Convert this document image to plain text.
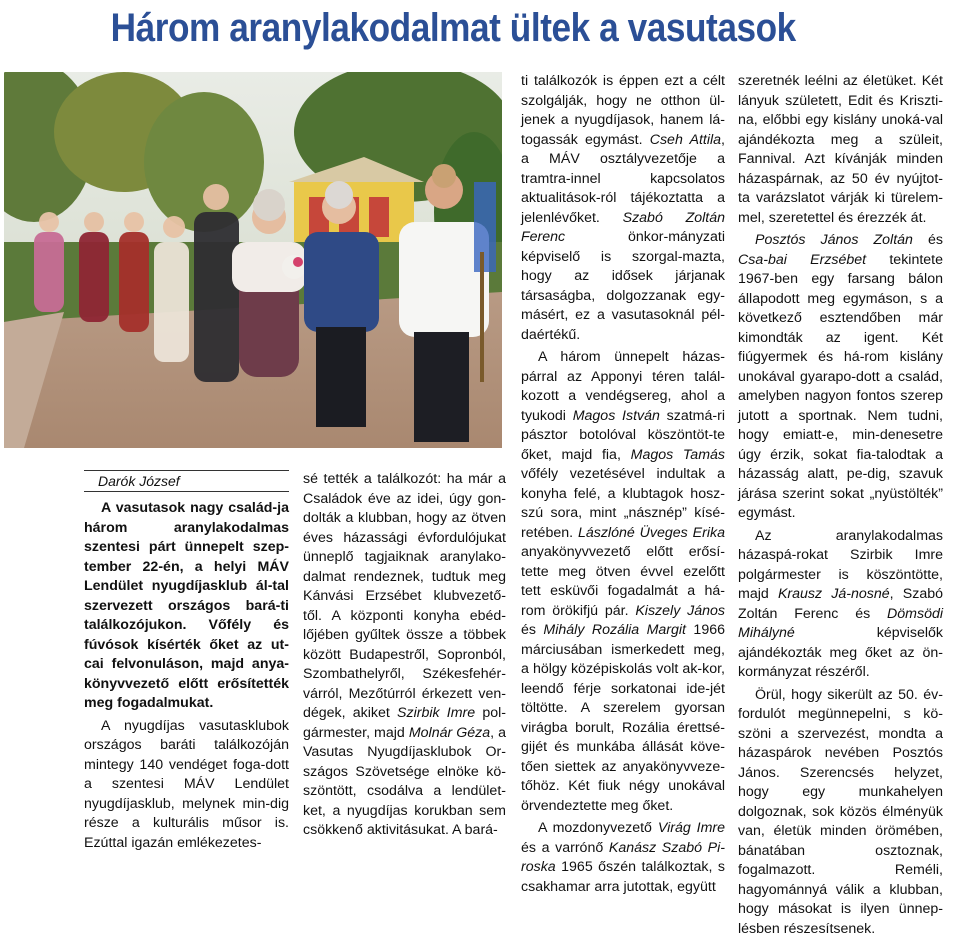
Három aranylakodalmat ültek a vasutasok
Darók József

A vasutasok nagy család-ja három aranylakodalmas szentesi párt ünnepelt szep-tember 22-én, a helyi MÁV Lendület nyugdíjasklub ál-tal szervezett országos bará-ti találkozójukon. Vőfély és fúvósok kísérték őket az ut-cai felvonuláson, majd anya-könyvvezető előtt erősítették meg fogadalmukat.

A nyugdíjas vasutasklubok országos baráti találkozóján mintegy 140 vendéget foga-dott a szentesi MÁV Lendület nyugdíjasklub, melynek min-dig része a kulturális műsor is. Ezúttal igazán emlékezetes-

sé tették a találkozót: ha már a Családok éve az idei, úgy gon-dolták a klubban, hogy az ötven éves házassági évfordulójukat ünneplő tagjaiknak aranylako-dalmat rendeznek, tudtuk meg Kánvási Erzsébet klubvezető-től. A központi konyha ebéd-lőjében gyűltek össze a többek között Budapestről, Sopronból, Szombathelyről, Székesfehér-várról, Mezőtúrról érkezett ven-dégek, akiket Szirbik Imre pol-gármester, majd Molnár Géza, a Vasutas Nyugdíjasklubok Or-szágos Szövetsége elnöke kö-szöntött, csodálva a lendület-ket, a nyugdíjas korukban sem csökkenő aktivitásukat. A bará-

ti találkozók is éppen ezt a célt szolgálják, hogy ne otthon ül-jenek a nyugdíjasok, hanem lá-togassák egymást. Cseh Attila, a MÁV osztályvezetője a tramtra-innel kapcsolatos aktualitások-ról tájékoztatta a jelenlévőket. Szabó Zoltán Ferenc önkor-mányzati képviselő is szorgal-mazta, hogy az idősek járjanak társaságba, dolgozzanak egy-másért, ez a vasutasoknál pél-daértékű.

A három ünnepelt házas-párral az Apponyi téren talál-kozott a vendégsereg, ahol a tyukodi Magos István szatmá-ri pásztor botolóval köszöntöt-te őket, majd fia, Magos Tamás vőfély vezetésével indultak a konyha felé, a klubtagok hosz-szú sora, mint „násznép” kísé-retében. Lászlóné Üveges Erika anyakönyvvezető előtt erősí-tette meg ötven évvel ezelőtt tett esküvői fogadalmát a há-rom örökifjú pár. Kiszely János és Mihály Rozália Margit 1966 márciusában ismerkedett meg, a hölgy középiskolás volt ak-kor, leendő férje sorkatonai ide-jét töltötte. A szerelem gyorsan virágba borult, Rozália érettsé-gijét és munkába állását köve-tően siettek az anyakönyvveze-tőhöz. Két fiuk négy unokával örvendeztette meg őket.

A mozdonyvezető Virág Imre és a varrónő Kanász Szabó Pi-roska 1965 őszén találkoztak, s csakhamar arra jutottak, együtt

szeretnék leélni az életüket. Két lányuk született, Edit és Kriszti-na, előbbi egy kislány unoká-val ajándékozta meg a szüleit, Fannival. Azt kívánják minden házaspárnak, az 50 év nyújtot-ta varázslatot várják ki türelem-mel, szeretettel és érezzék át.

Posztós János Zoltán és Csa-bai Erzsébet tekintete 1967-ben egy farsang bálon állapodott meg egymáson, s a következő esztendőben már kimondták az igent. Két fiúgyermek és há-rom kislány unokával gyarapo-dott a család, amelyben nagyon fontos szerep jutott a sportnak. Nem tudni, hogy emiatt-e, min-denesetre úgy érzik, sokat fia-talodtak a házasság alatt, pe-dig, szavuk járása szerint sokat „nyüstölték” egymást.

Az aranylakodalmas házaspá-rokat Szirbik Imre polgármester is köszöntötte, majd Krausz Já-nosné, Szabó Zoltán Ferenc és Dömsödi Mihályné képviselők ajándékozták meg őket az ön-kormányzat részéről.

Örül, hogy sikerült az 50. év-fordulót megünnepelni, s kö-szöni a szervezést, mondta a házaspárok nevében Posztós János. Szerencsés helyzet, hogy egy munkahelyen dolgoznak, sok közös élményük van, életük minden örömében, bánatában osztoznak, fogalmazott. Reméli, hagyománnyá válik a klubban, hogy másokat is ilyen ünnep-lésben részesítsenek.
